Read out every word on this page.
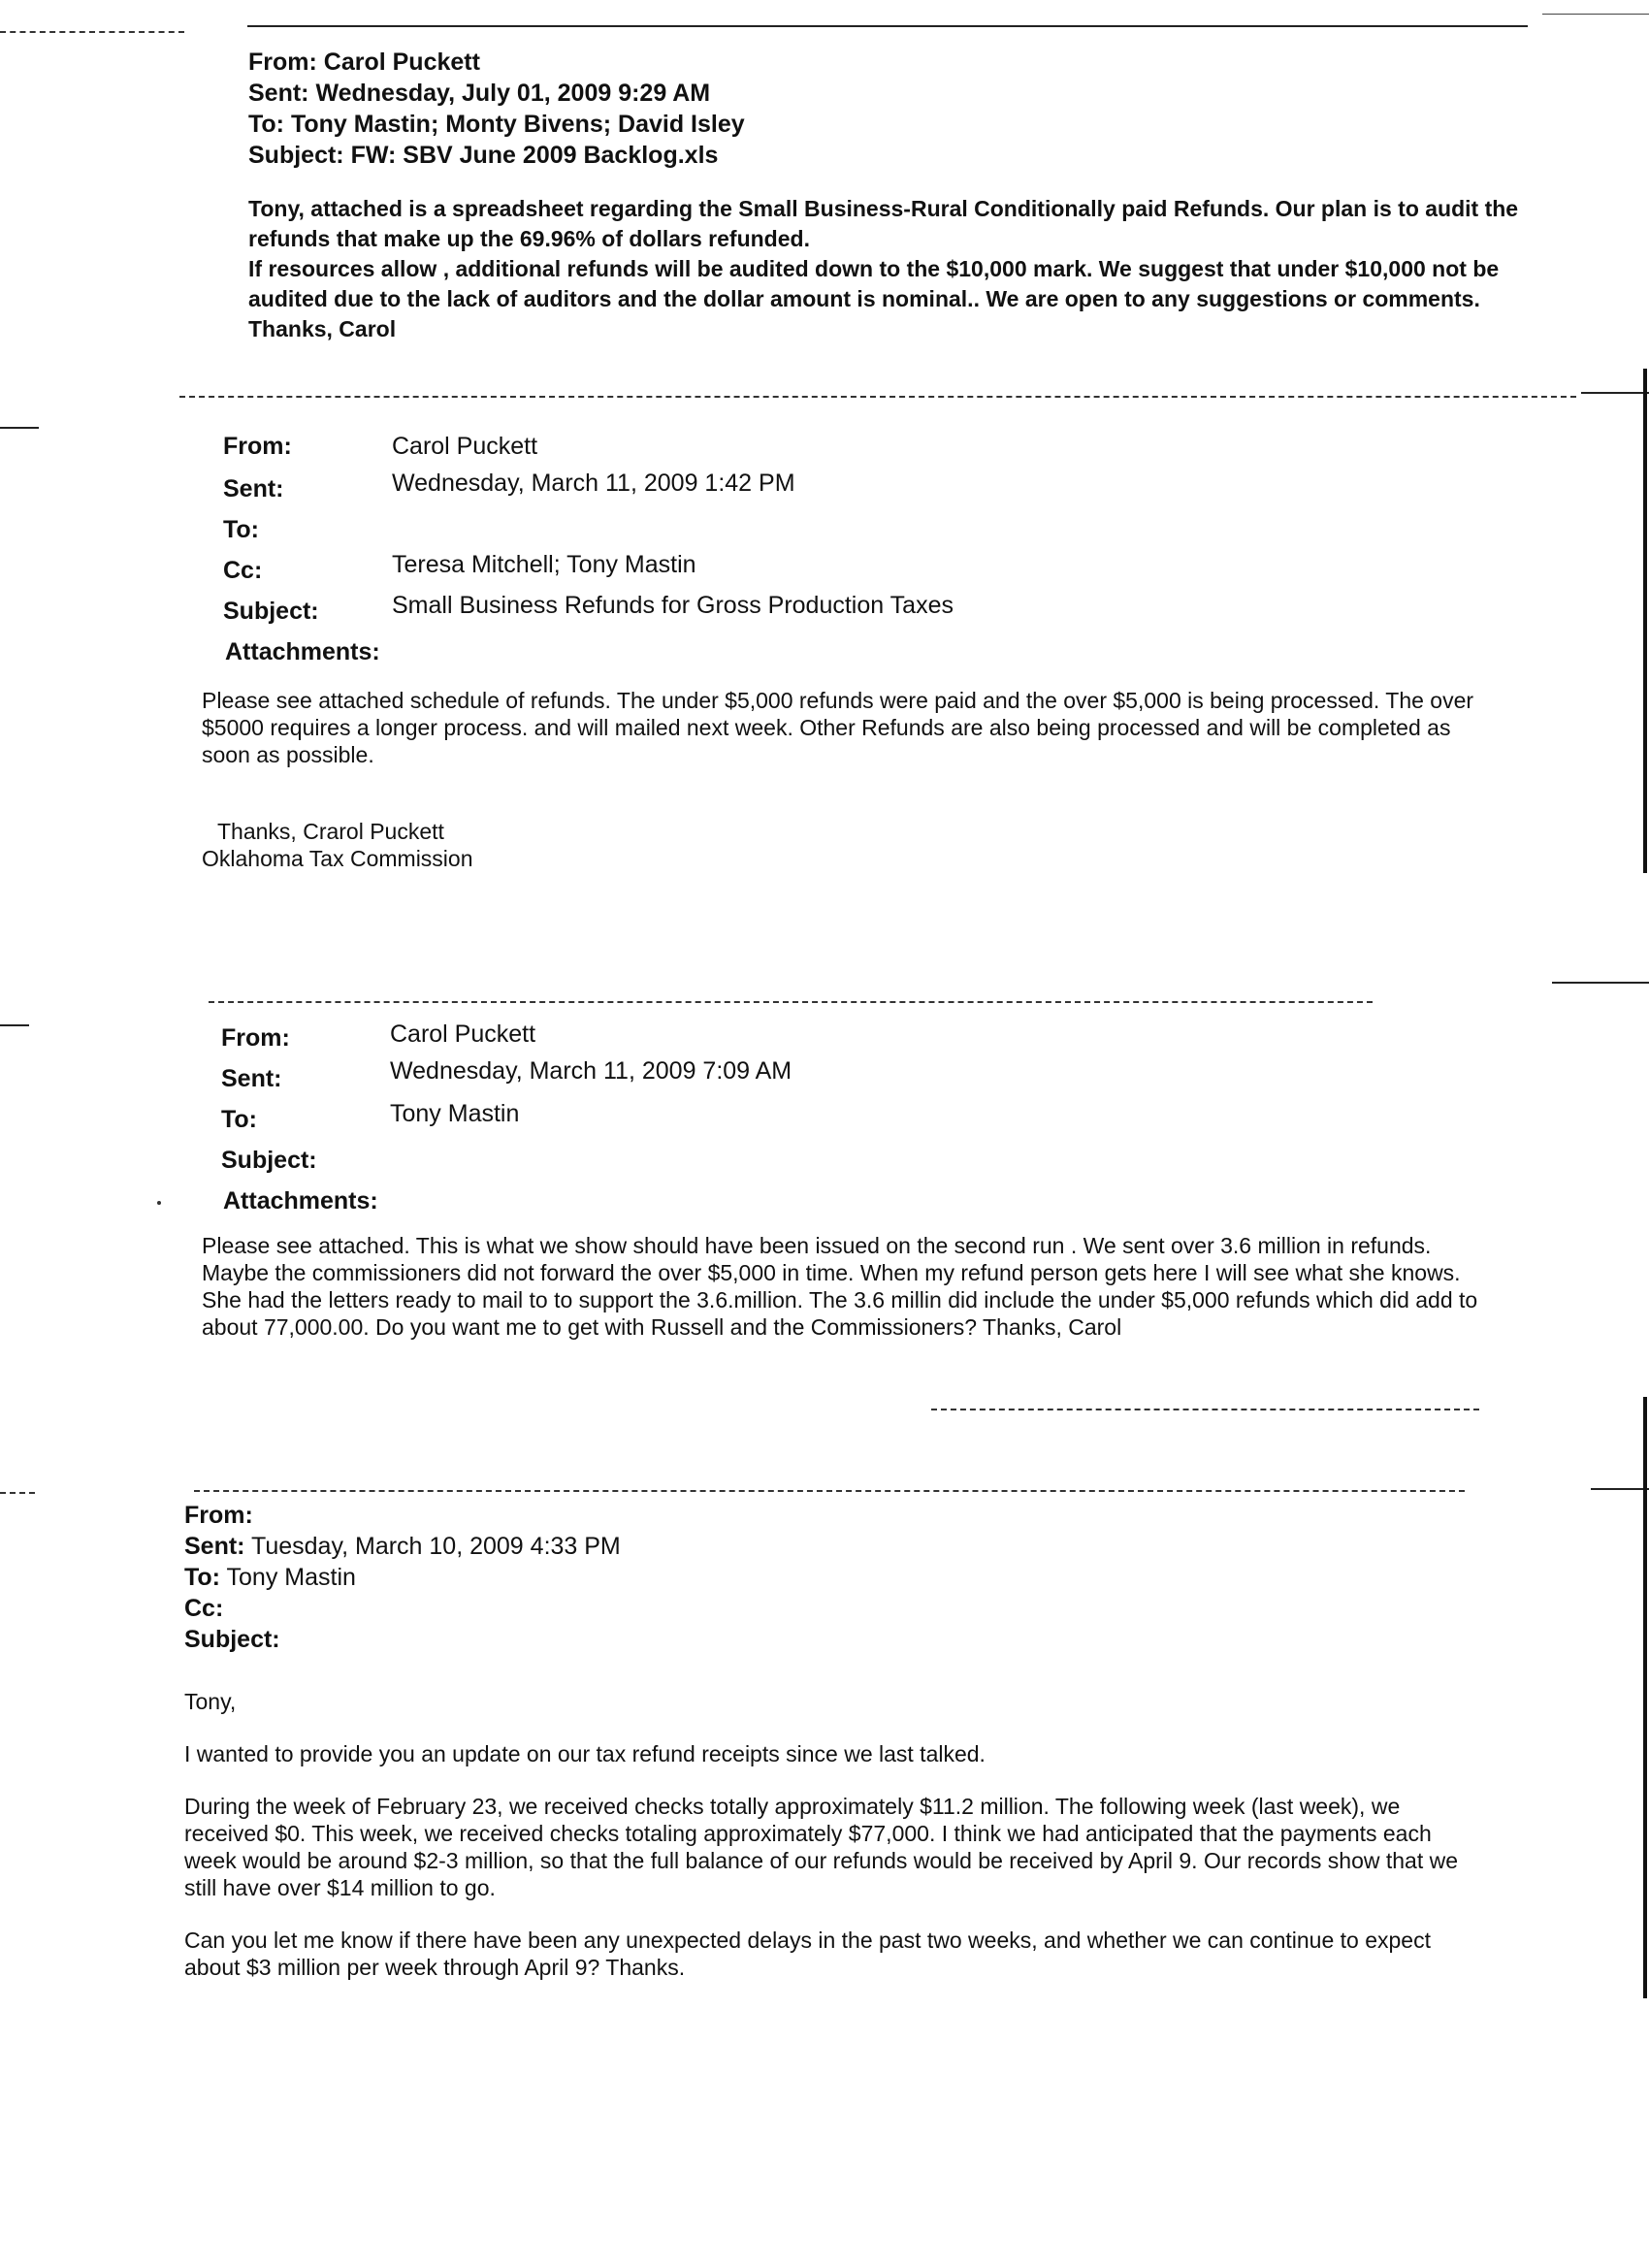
From: Carol Puckett
Sent: Wednesday, July 01, 2009 9:29 AM
To: Tony Mastin; Monty Bivens; David Isley
Subject: FW: SBV June 2009 Backlog.xls

Tony, attached is a spreadsheet regarding the Small Business-Rural Conditionally paid Refunds. Our plan is to audit the refunds that make up the 69.96% of dollars refunded.

If resources allow , additional refunds will be audited down to the $10,000 mark. We suggest that under $10,000 not be audited due to the lack of auditors and the dollar amount is nominal.. We are open to any suggestions or comments. Thanks, Carol

From:	Carol Puckett
Sent:	Wednesday, March 11, 2009 1:42 PM
To:
Cc:	Teresa Mitchell; Tony Mastin
Subject:	Small Business Refunds for Gross Production Taxes
Attachments:

Please see attached schedule of refunds. The under $5,000 refunds were paid and the over $5,000 is being processed. The over $5000 requires a longer process. and will mailed next week. Other Refunds are also being processed and will be completed as soon as possible.

Thanks, Crarol Puckett

Oklahoma Tax Commission

From:	Carol Puckett
Sent:	Wednesday, March 11, 2009 7:09 AM
To:	Tony Mastin
Subject:
Attachments:

Please see attached. This is what we show should have been issued on the second run . We sent over 3.6 million in refunds. Maybe the commissioners did not forward the over $5,000 in time. When my refund person gets here I will see what she knows. She had the letters ready to mail to to support the 3.6.million. The 3.6 millin did include the under $5,000 refunds which did add to about 77,000.00. Do you want me to get with Russell and the Commissioners? Thanks, Carol

From:
Sent: Tuesday, March 10, 2009 4:33 PM
To: Tony Mastin
Cc:
Subject:

Tony,

I wanted to provide you an update on our tax refund receipts since we last talked.

During the week of February 23, we received checks totally approximately $11.2 million. The following week (last week), we received $0. This week, we received checks totaling approximately $77,000. I think we had anticipated that the payments each week would be around $2-3 million, so that the full balance of our refunds would be received by April 9. Our records show that we still have over $14 million to go.

Can you let me know if there have been any unexpected delays in the past two weeks, and whether we can continue to expect about $3 million per week through April 9? Thanks.
